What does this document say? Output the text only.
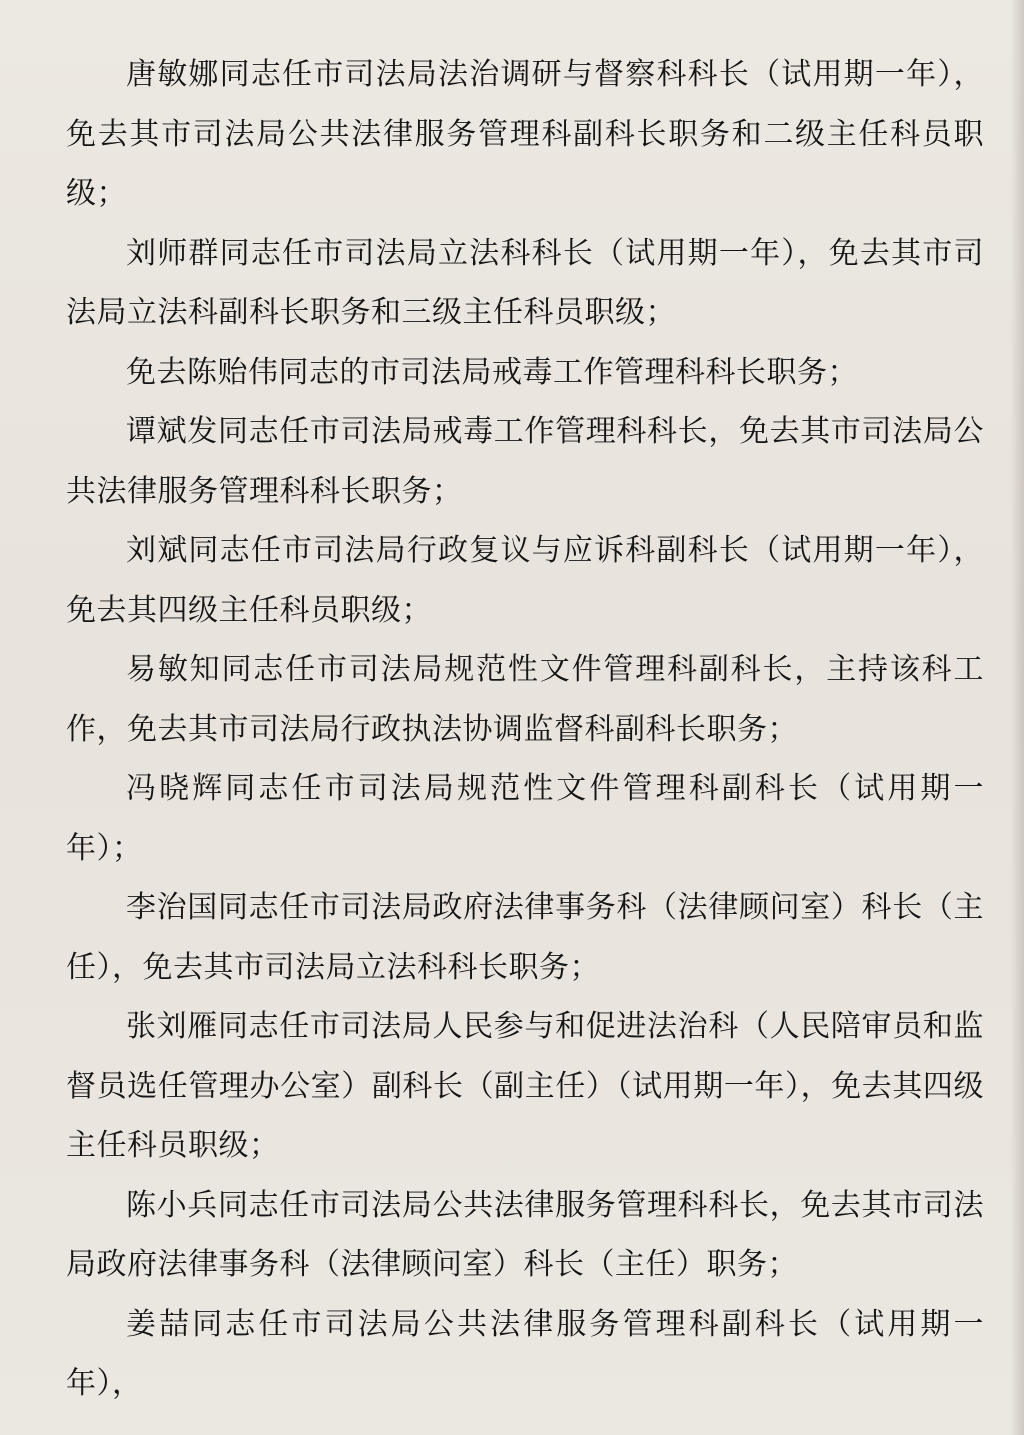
唐敏娜同志任市司法局法治调研与督察科科长（试用期一年），免去其市司法局公共法律服务管理科副科长职务和二级主任科员职级；

刘师群同志任市司法局立法科科长（试用期一年），免去其市司法局立法科副科长职务和三级主任科员职级；

免去陈贻伟同志的市司法局戒毒工作管理科科长职务；

谭斌发同志任市司法局戒毒工作管理科科长，免去其市司法局公共法律服务管理科科长职务；

刘斌同志任市司法局行政复议与应诉科副科长（试用期一年），免去其四级主任科员职级；

易敏知同志任市司法局规范性文件管理科副科长，主持该科工作，免去其市司法局行政执法协调监督科副科长职务；

冯晓辉同志任市司法局规范性文件管理科副科长（试用期一年）；

李治国同志任市司法局政府法律事务科（法律顾问室）科长（主任），免去其市司法局立法科科长职务；

张刘雁同志任市司法局人民参与和促进法治科（人民陪审员和监督员选任管理办公室）副科长（副主任）（试用期一年），免去其四级主任科员职级；

陈小兵同志任市司法局公共法律服务管理科科长，免去其市司法局政府法律事务科（法律顾问室）科长（主任）职务；

姜喆同志任市司法局公共法律服务管理科副科长（试用期一年），
